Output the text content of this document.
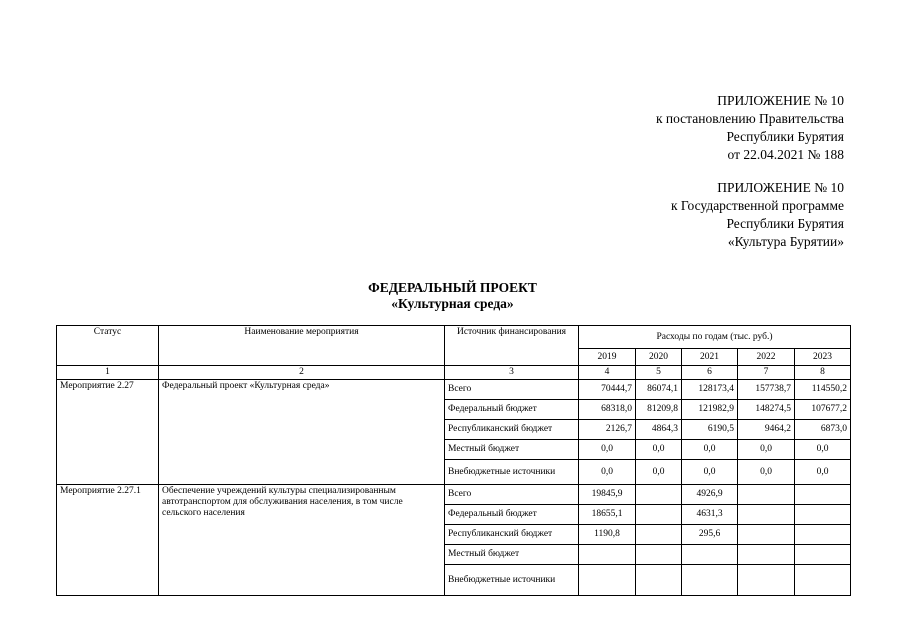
ПРИЛОЖЕНИЕ № 10
к постановлению Правительства
Республики Бурятия
от 22.04.2021 № 188
ПРИЛОЖЕНИЕ № 10
к Государственной программе
Республики Бурятия
«Культура Бурятии»
ФЕДЕРАЛЬНЫЙ ПРОЕКТ
«Культурная среда»
Статус	Наименование мероприятия	Источник финансирования	Расходы по годам (тыс. руб.)				
			2019	2020	2021	2022	2023
1	2	3	4	5	6	7	8
Мероприятие 2.27	Федеральный проект «Культурная среда»	Всего	70444,7	86074,1	128173,4	157738,7	114550,2
		Федеральный бюджет	68318,0	81209,8	121982,9	148274,5	107677,2
		Республиканский бюджет	2126,7	4864,3	6190,5	9464,2	6873,0
		Местный бюджет	0,0	0,0	0,0	0,0	0,0
		Внебюджетные источники	0,0	0,0	0,0	0,0	0,0
Мероприятие 2.27.1	Обеспечение учреждений культуры специализированным автотранспортом для обслуживания населения, в том числе сельского населения	Всего	19845,9		4926,9		
		Федеральный бюджет	18655,1		4631,3		
		Республиканский бюджет	1190,8		295,6		
		Местный бюджет					
		Внебюджетные источники					
